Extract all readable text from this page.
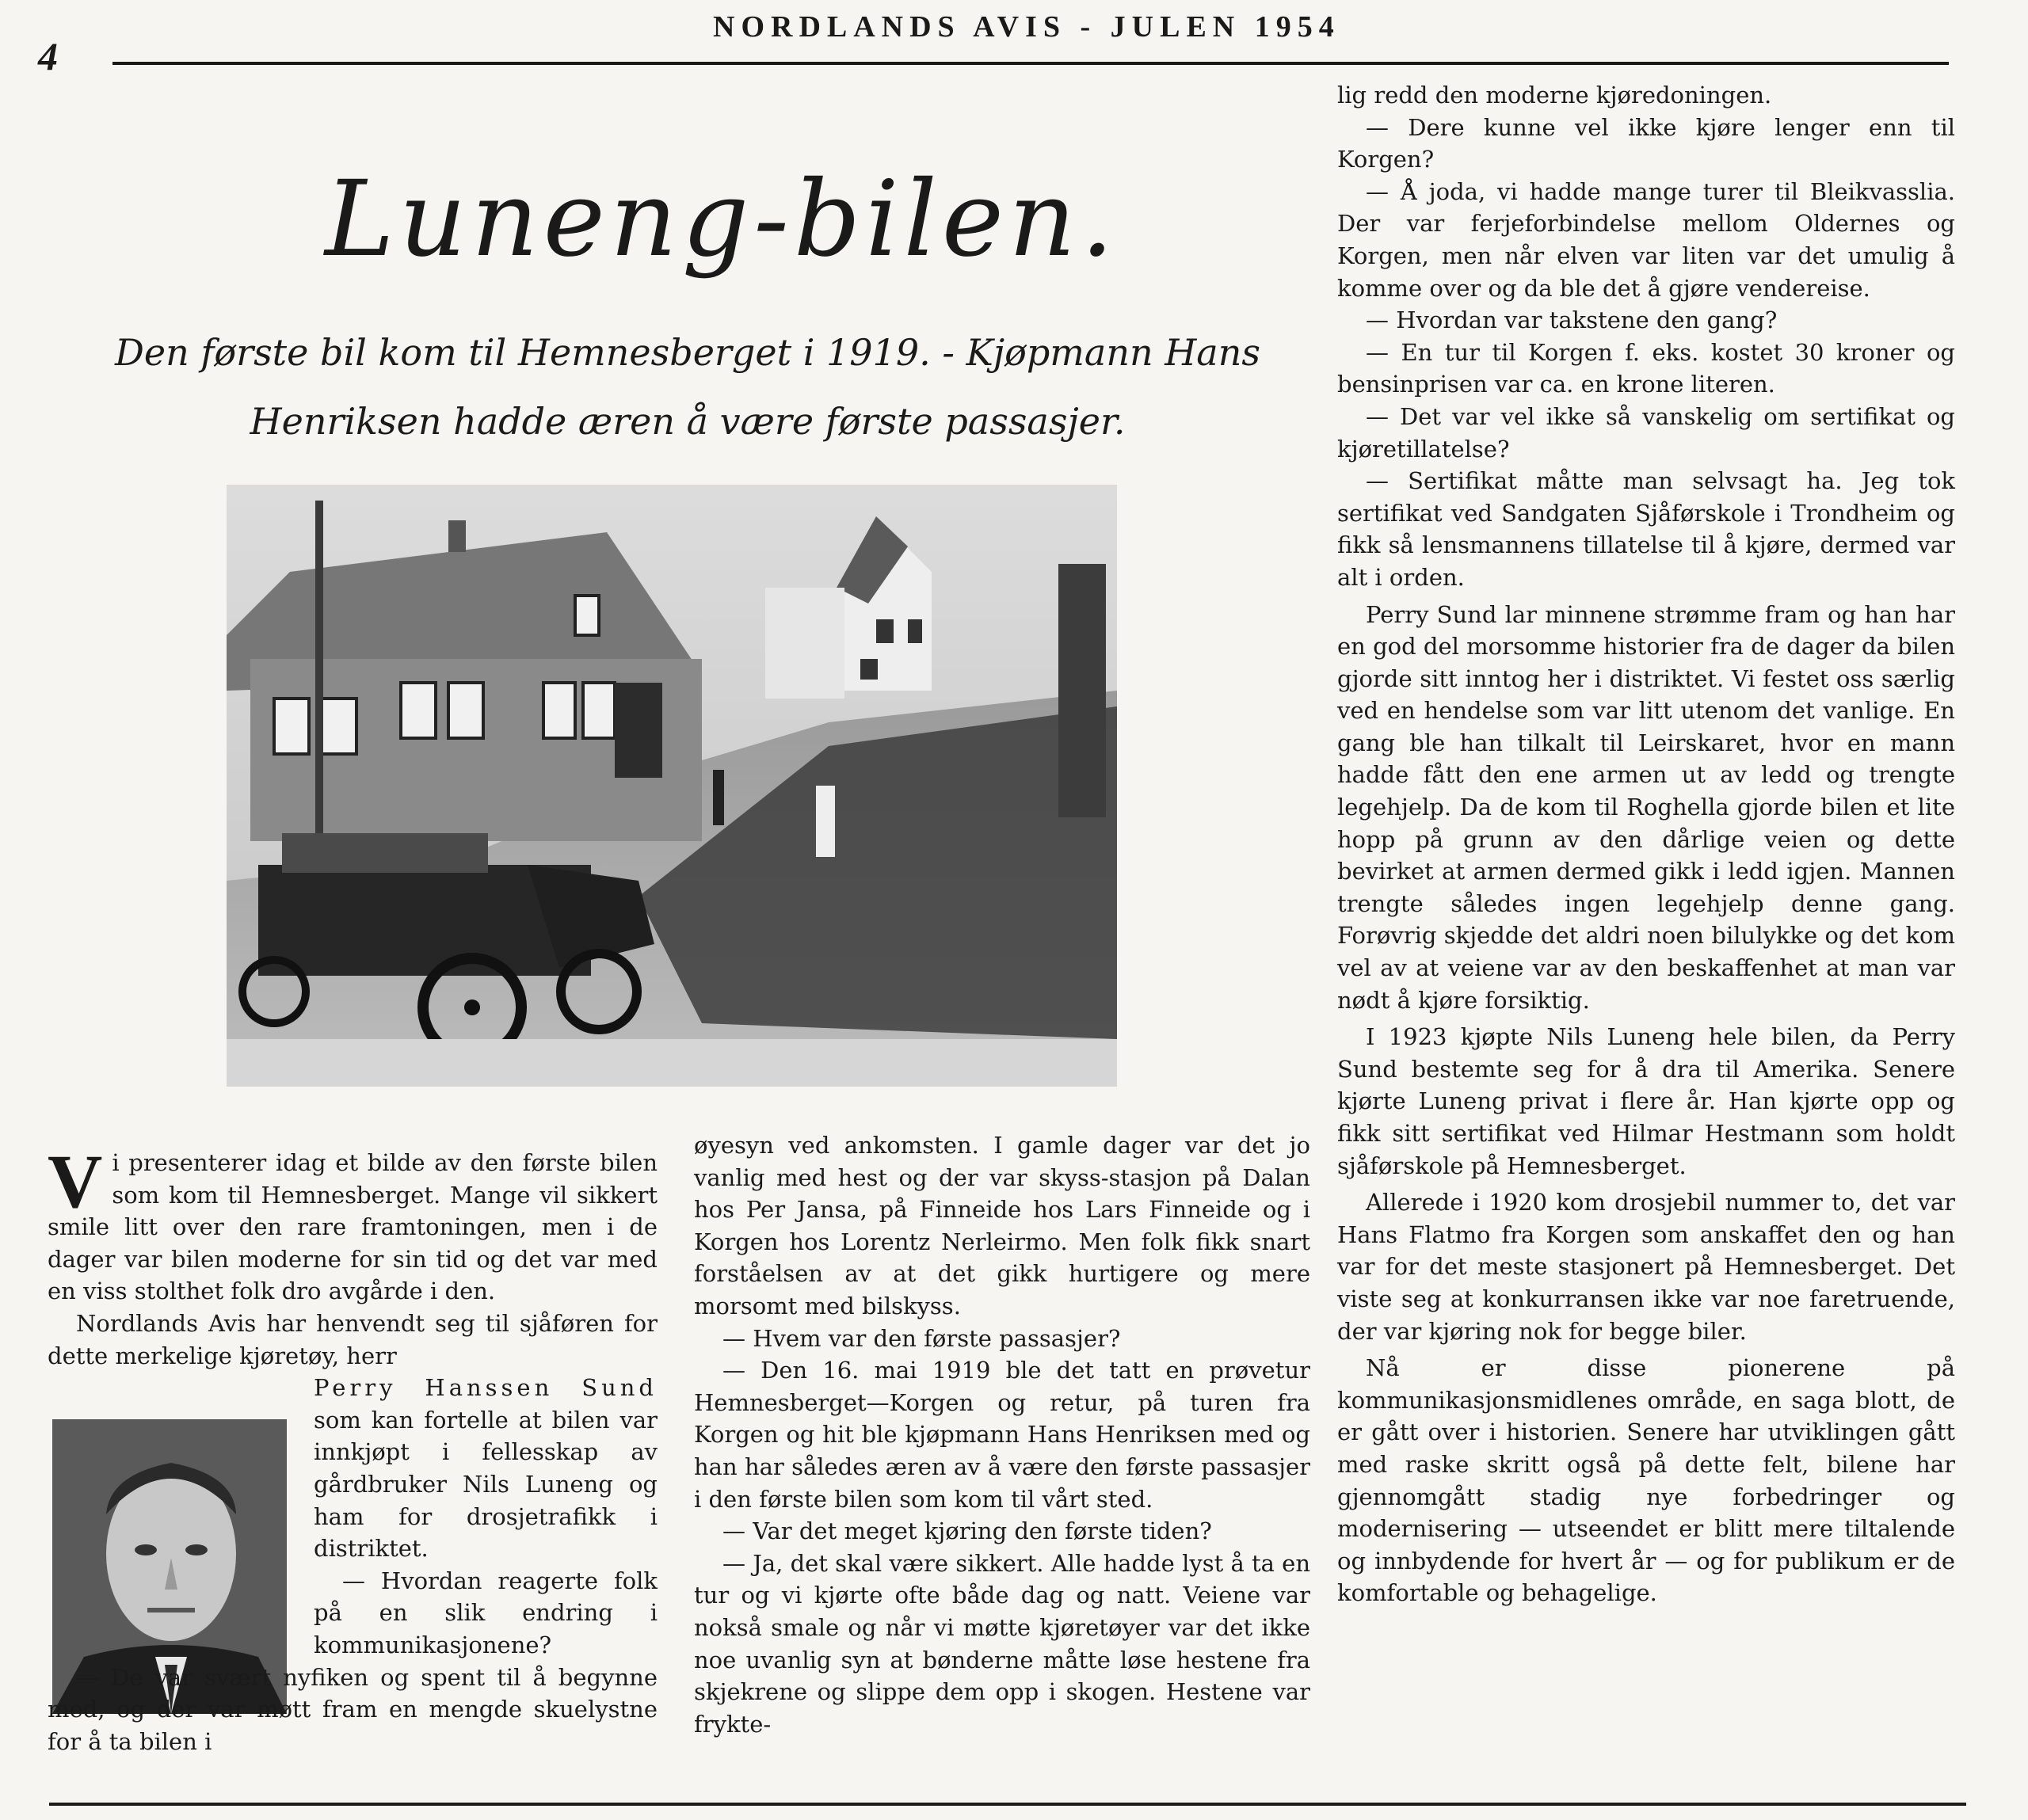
4
NORDLANDS AVIS - JULEN 1954
Luneng-bilen.
Den første bil kom til Hemnesberget i 1919. - Kjøpmann Hans
Henriksen hadde æren å være første passasjer.

Vi presenterer idag et bilde av den første bilen som kom til Hemnesberget. Mange vil sikkert smile litt over den rare framtoningen, men i de dager var bilen moderne for sin tid og det var med en viss stolthet folk dro avgårde i den.

Nordlands Avis har henvendt seg til sjåføren for dette merkelige kjøretøy, herr

Perry Hanssen Sund som kan fortelle at bilen var innkjøpt i fellesskap av gårdbruker Nils Luneng og ham for drosjetrafikk i distriktet.

— Hvordan reagerte folk på en slik endring i kommunikasjonene?

— De var svært nyfiken og spent til å begynne med, og der var møtt fram en mengde skuelystne for å ta bilen i

øyesyn ved ankomsten. I gamle dager var det jo vanlig med hest og der var skyss-stasjon på Dalan hos Per Jansa, på Finneide hos Lars Finneide og i Korgen hos Lorentz Nerleirmo. Men folk fikk snart forståelsen av at det gikk hurtigere og mere morsomt med bilskyss.

— Hvem var den første passasjer?

— Den 16. mai 1919 ble det tatt en prøvetur Hemnesberget—Korgen og retur, på turen fra Korgen og hit ble kjøpmann Hans Henriksen med og han har således æren av å være den første passasjer i den første bilen som kom til vårt sted.

— Var det meget kjøring den første tiden?

— Ja, det skal være sikkert. Alle hadde lyst å ta en tur og vi kjørte ofte både dag og natt. Veiene var nokså smale og når vi møtte kjøretøyer var det ikke noe uvanlig syn at bønderne måtte løse hestene fra skjekrene og slippe dem opp i skogen. Hestene var frykte-

lig redd den moderne kjøredoningen.

— Dere kunne vel ikke kjøre lenger enn til Korgen?

— Å joda, vi hadde mange turer til Bleikvasslia. Der var ferjeforbindelse mellom Oldernes og Korgen, men når elven var liten var det umulig å komme over og da ble det å gjøre vendereise.

— Hvordan var takstene den gang?

— En tur til Korgen f. eks. kostet 30 kroner og bensinprisen var ca. en krone literen.

— Det var vel ikke så vanskelig om sertifikat og kjøretillatelse?

— Sertifikat måtte man selvsagt ha. Jeg tok sertifikat ved Sandgaten Sjåførskole i Trondheim og fikk så lensmannens tillatelse til å kjøre, dermed var alt i orden.

Perry Sund lar minnene strømme fram og han har en god del morsomme historier fra de dager da bilen gjorde sitt inntog her i distriktet. Vi festet oss særlig ved en hendelse som var litt utenom det vanlige. En gang ble han tilkalt til Leirskaret, hvor en mann hadde fått den ene armen ut av ledd og trengte legehjelp. Da de kom til Roghella gjorde bilen et lite hopp på grunn av den dårlige veien og dette bevirket at armen dermed gikk i ledd igjen. Mannen trengte således ingen legehjelp denne gang. Forøvrig skjedde det aldri noen bilulykke og det kom vel av at veiene var av den beskaffenhet at man var nødt å kjøre forsiktig.

I 1923 kjøpte Nils Luneng hele bilen, da Perry Sund bestemte seg for å dra til Amerika. Senere kjørte Luneng privat i flere år. Han kjørte opp og fikk sitt sertifikat ved Hilmar Hestmann som holdt sjåførskole på Hemnesberget.

Allerede i 1920 kom drosjebil nummer to, det var Hans Flatmo fra Korgen som anskaffet den og han var for det meste stasjonert på Hemnesberget. Det viste seg at konkurransen ikke var noe faretruende, der var kjøring nok for begge biler.

Nå er disse pionerene på kommunikasjonsmidlenes område, en saga blott, de er gått over i historien. Senere har utviklingen gått med raske skritt også på dette felt, bilene har gjennomgått stadig nye forbedringer og modernisering — utseendet er blitt mere tiltalende og innbydende for hvert år — og for publikum er de komfortable og behagelige.
